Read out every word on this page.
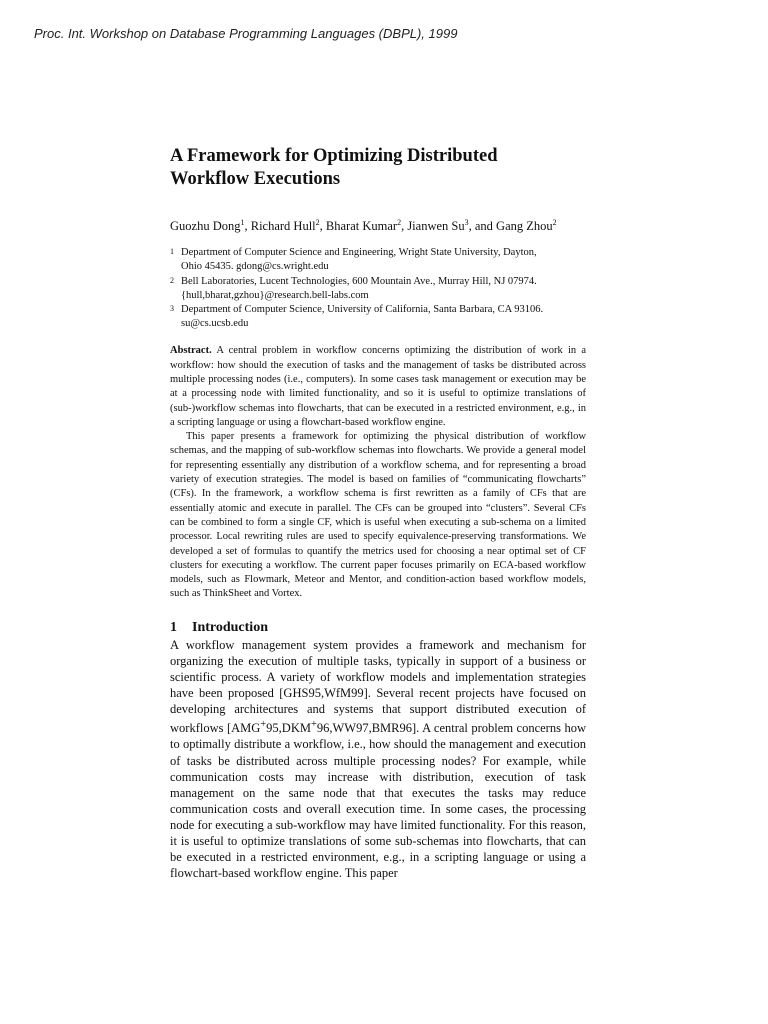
Proc. Int. Workshop on Database Programming Languages (DBPL), 1999
A Framework for Optimizing Distributed
Workflow Executions
Guozhu Dong$^1$, Richard Hull$^2$, Bharat Kumar$^2$, Jianwen Su$^3$, and Gang Zhou$^2$
1 Department of Computer Science and Engineering, Wright State University, Dayton,
Ohio 45435. gdong@cs.wright.edu
2 Bell Laboratories, Lucent Technologies, 600 Mountain Ave., Murray Hill, NJ 07974.
{hull,bharat,gzhou}@research.bell-labs.com
3 Department of Computer Science, University of California, Santa Barbara, CA 93106.
su@cs.ucsb.edu

Abstract. A central problem in workflow concerns optimizing the distribution of work in a workflow: how should the execution of tasks and the management of tasks be distributed across multiple processing nodes (i.e., computers). In some cases task management or execution may be at a processing node with limited functionality, and so it is useful to optimize translations of (sub-)workflow schemas into flowcharts, that can be executed in a restricted environment, e.g., in a scripting language or using a flowchart-based workflow engine.

This paper presents a framework for optimizing the physical distribution of workflow schemas, and the mapping of sub-workflow schemas into flowcharts. We provide a general model for representing essentially any distribution of a workflow schema, and for representing a broad variety of execution strategies. The model is based on families of “communicating flowcharts” (CFs). In the framework, a workflow schema is first rewritten as a family of CFs that are essentially atomic and execute in parallel. The CFs can be grouped into “clusters”. Several CFs can be combined to form a single CF, which is useful when executing a sub-schema on a limited processor. Local rewriting rules are used to specify equivalence-preserving transformations. We developed a set of formulas to quantify the metrics used for choosing a near optimal set of CF clusters for executing a workflow. The current paper focuses primarily on ECA-based workflow models, such as Flowmark, Meteor and Mentor, and condition-action based workflow models, such as ThinkSheet and Vortex.

1 Introduction

A workflow management system provides a framework and mechanism for organizing the execution of multiple tasks, typically in support of a business or scientific process. A variety of workflow models and implementation strategies have been proposed [GHS95,WfM99]. Several recent projects have focused on developing architectures and systems that support distributed execution of workflows [AMG+95,DKM+96,WW97,BMR96]. A central problem concerns how to optimally distribute a workflow, i.e., how should the management and execution of tasks be distributed across multiple processing nodes? For example, while communication costs may increase with distribution, execution of task management on the same node that that executes the tasks may reduce communication costs and overall execution time. In some cases, the processing node for executing a sub-workflow may have limited functionality. For this reason, it is useful to optimize translations of some sub-schemas into flowcharts, that can be executed in a restricted environment, e.g., in a scripting language or using a flowchart-based workflow engine. This paper
